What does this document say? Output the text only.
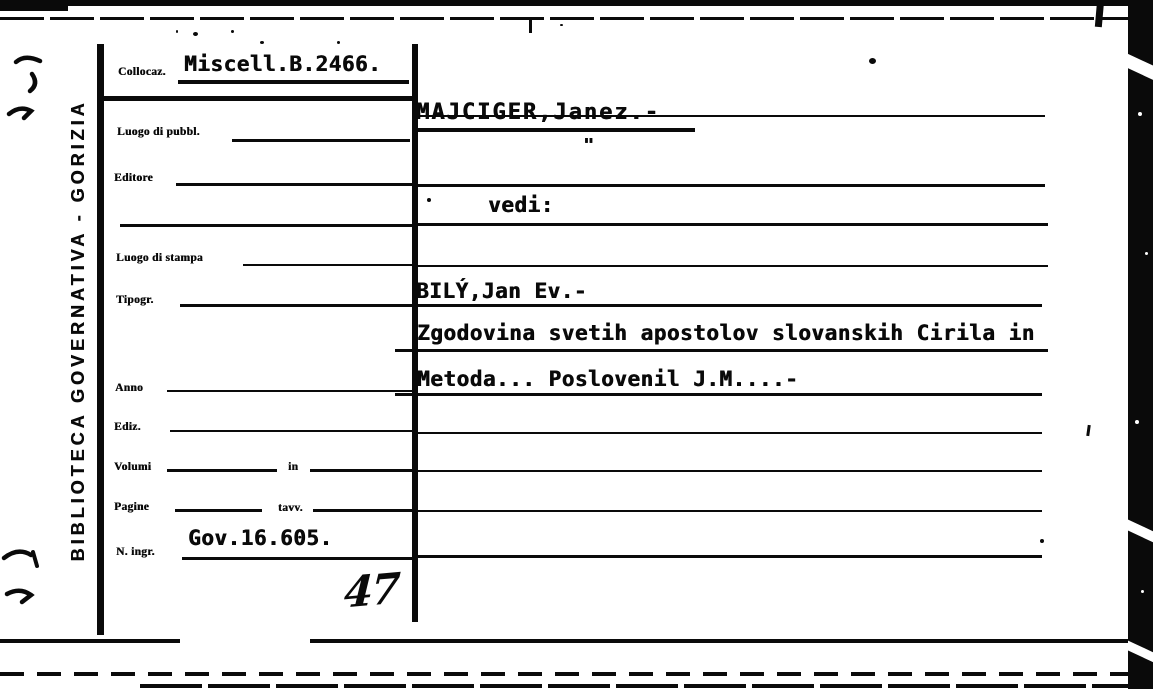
BIBLIOTECA GOVERNATIVA - GORIZIA
Collocaz. Miscell.B.2466.
Luogo di pubbl.
Editore
Luogo di stampa
Tipogr.
Anno
Ediz.
Volumi	in
Pagine	tavv.
Gov.16.605.
N. ingr.
MAJCIGER,Janez.-
"
vedi:
BILÝ,Jan Ev.-
Zgodovina svetih apostolov slovanskih Cirila in
Metoda... Poslovenil J.M....-
47
